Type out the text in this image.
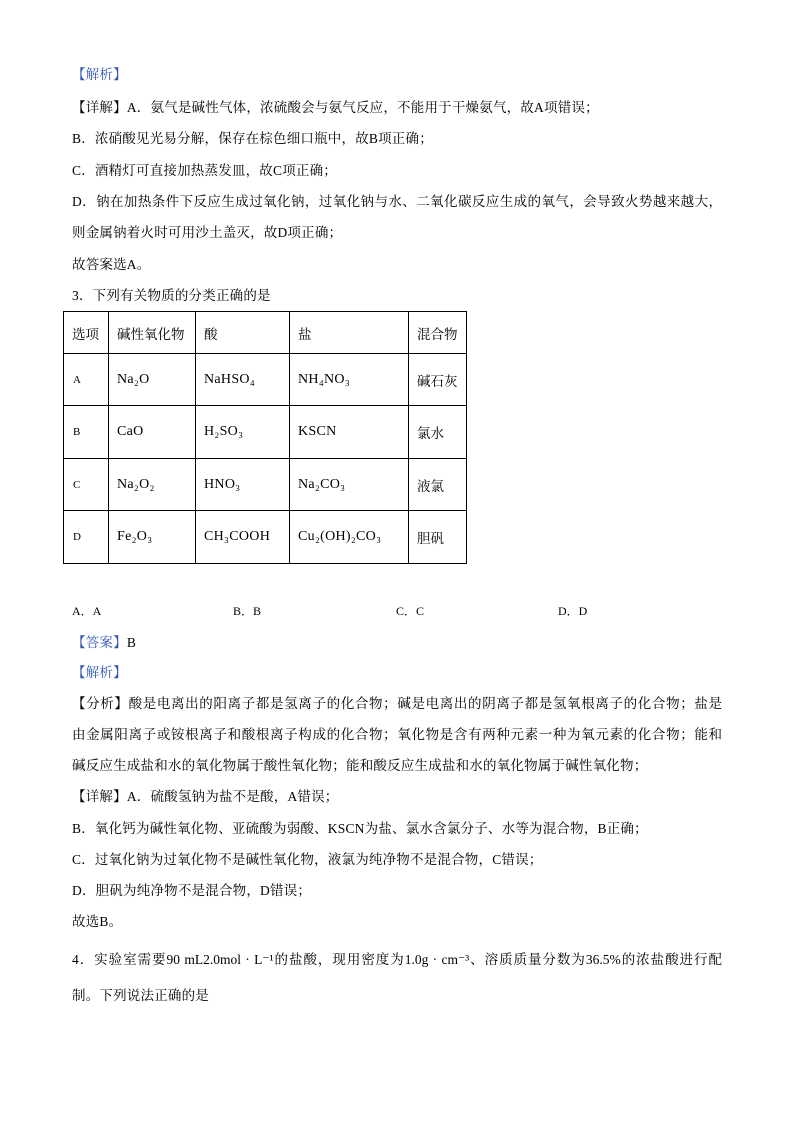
【解析】
【详解】A．氨气是碱性气体，浓硫酸会与氨气反应，不能用于干燥氨气，故A项错误；
B．浓硝酸见光易分解，保存在棕色细口瓶中，故B项正确；
C．酒精灯可直接加热蒸发皿，故C项正确；
D．钠在加热条件下反应生成过氧化钠，过氧化钠与水、二氧化碳反应生成的氧气，会导致火势越来越大，
则金属钠着火时可用沙土盖灭，故D项正确；
故答案选A。
3．下列有关物质的分类正确的是
选项	碱性氧化物	酸	盐	混合物
A	Na₂O	NaHSO₄	NH₄NO₃	碱石灰
B	CaO	H₂SO₃	KSCN	氯水
C	Na₂O₂	HNO₃	Na₂CO₃	液氯
D	Fe₂O₃	CH₃COOH	Cu₂(OH)₂CO₃	胆矾
A．A	B．B	C．C	D．D
【答案】B
【解析】
【分析】酸是电离出的阳离子都是氢离子的化合物；碱是电离出的阴离子都是氢氧根离子的化合物；盐是
由金属阳离子或铵根离子和酸根离子构成的化合物；氧化物是含有两种元素一种为氧元素的化合物；能和
碱反应生成盐和水的氧化物属于酸性氧化物；能和酸反应生成盐和水的氧化物属于碱性氧化物；
【详解】A．硫酸氢钠为盐不是酸，A错误；
B．氧化钙为碱性氧化物、亚硫酸为弱酸、KSCN为盐、氯水含氯分子、水等为混合物，B正确；
C．过氧化钠为过氧化物不是碱性氧化物，液氯为纯净物不是混合物，C错误；
D．胆矾为纯净物不是混合物，D错误；
故选B。
4．实验室需要90 mL2.0mol · L⁻¹的盐酸，现用密度为1.0g · cm⁻³、溶质质量分数为36.5%的浓盐酸进行配
制。下列说法正确的是
